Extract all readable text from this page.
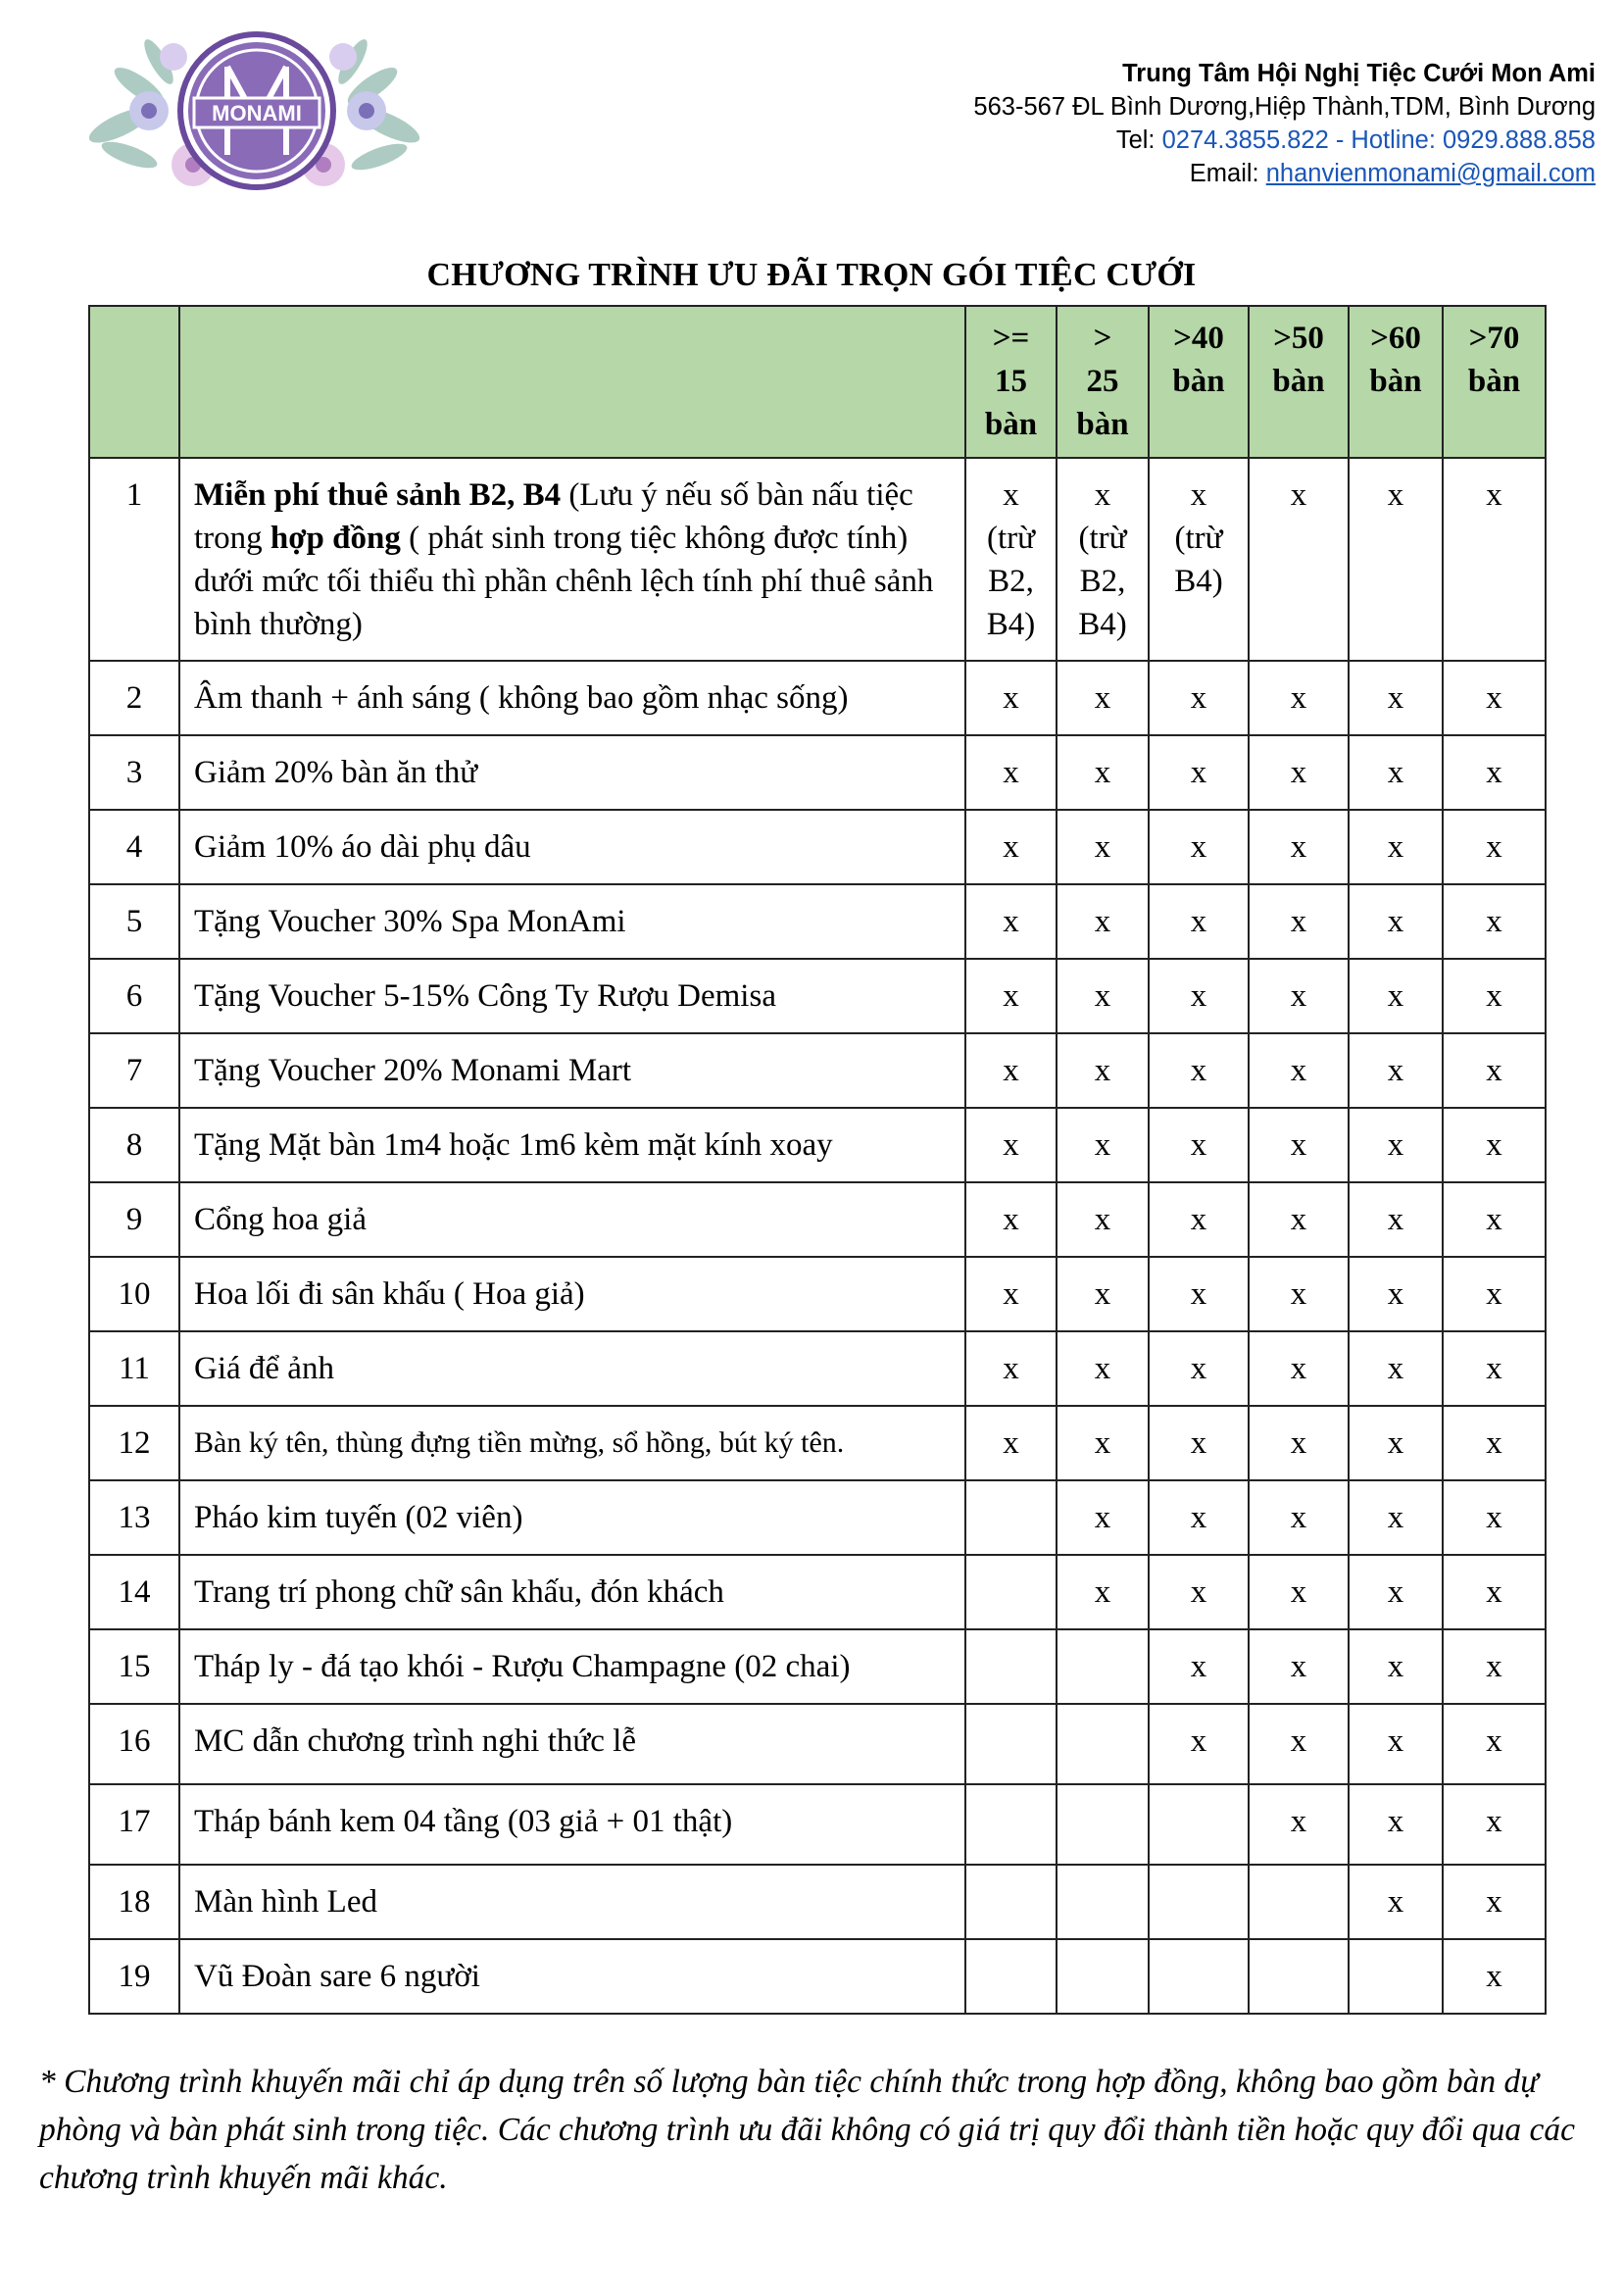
MONAMI
Trung Tâm Hội Nghị Tiệc Cưới Mon Ami
563-567 ĐL Bình Dương,Hiệp Thành,TDM, Bình Dương
Tel: 0274.3855.822 - Hotline: 0929.888.858
Email: nhanvienmonami@gmail.com
CHƯƠNG TRÌNH ƯU ĐÃI TRỌN GÓI TIỆC CƯỚI
		>= 15 bàn	> 25 bàn	>40 bàn	>50 bàn	>60 bàn	>70 bàn
1	Miễn phí thuê sảnh B2, B4 (Lưu ý nếu số bàn nấu tiệc trong hợp đồng ( phát sinh trong tiệc không được tính) dưới mức tối thiểu thì phần chênh lệch tính phí thuê sảnh bình thường)	x (trừ B2, B4)	x (trừ B2, B4)	x (trừ B4)	x	x	x
2	Âm thanh + ánh sáng ( không bao gồm nhạc sống)	x	x	x	x	x	x
3	Giảm 20% bàn ăn thử	x	x	x	x	x	x
4	Giảm 10% áo dài phụ dâu	x	x	x	x	x	x
5	Tặng Voucher 30% Spa MonAmi	x	x	x	x	x	x
6	Tặng Voucher 5-15% Công Ty Rượu Demisa	x	x	x	x	x	x
7	Tặng Voucher 20% Monami Mart	x	x	x	x	x	x
8	Tặng Mặt bàn 1m4 hoặc 1m6 kèm mặt kính xoay	x	x	x	x	x	x
9	Cổng hoa giả	x	x	x	x	x	x
10	Hoa lối đi sân khấu ( Hoa giả)	x	x	x	x	x	x
11	Giá để ảnh	x	x	x	x	x	x
12	Bàn ký tên, thùng đựng tiền mừng, sổ hồng, bút ký tên.	x	x	x	x	x	x
13	Pháo kim tuyến (02 viên)		x	x	x	x	x
14	Trang trí phong chữ sân khấu, đón khách		x	x	x	x	x
15	Tháp ly - đá tạo khói - Rượu Champagne (02 chai)			x	x	x	x
16	MC dẫn chương trình nghi thức lễ			x	x	x	x
17	Tháp bánh kem 04 tầng (03 giả + 01 thật)				x	x	x
18	Màn hình Led					x	x
19	Vũ Đoàn sare 6 người						x
* Chương trình khuyến mãi chỉ áp dụng trên số lượng bàn tiệc chính thức trong hợp đồng, không bao gồm bàn dự phòng và bàn phát sinh trong tiệc. Các chương trình ưu đãi không có giá trị quy đổi thành tiền hoặc quy đổi qua các chương trình khuyến mãi khác.
